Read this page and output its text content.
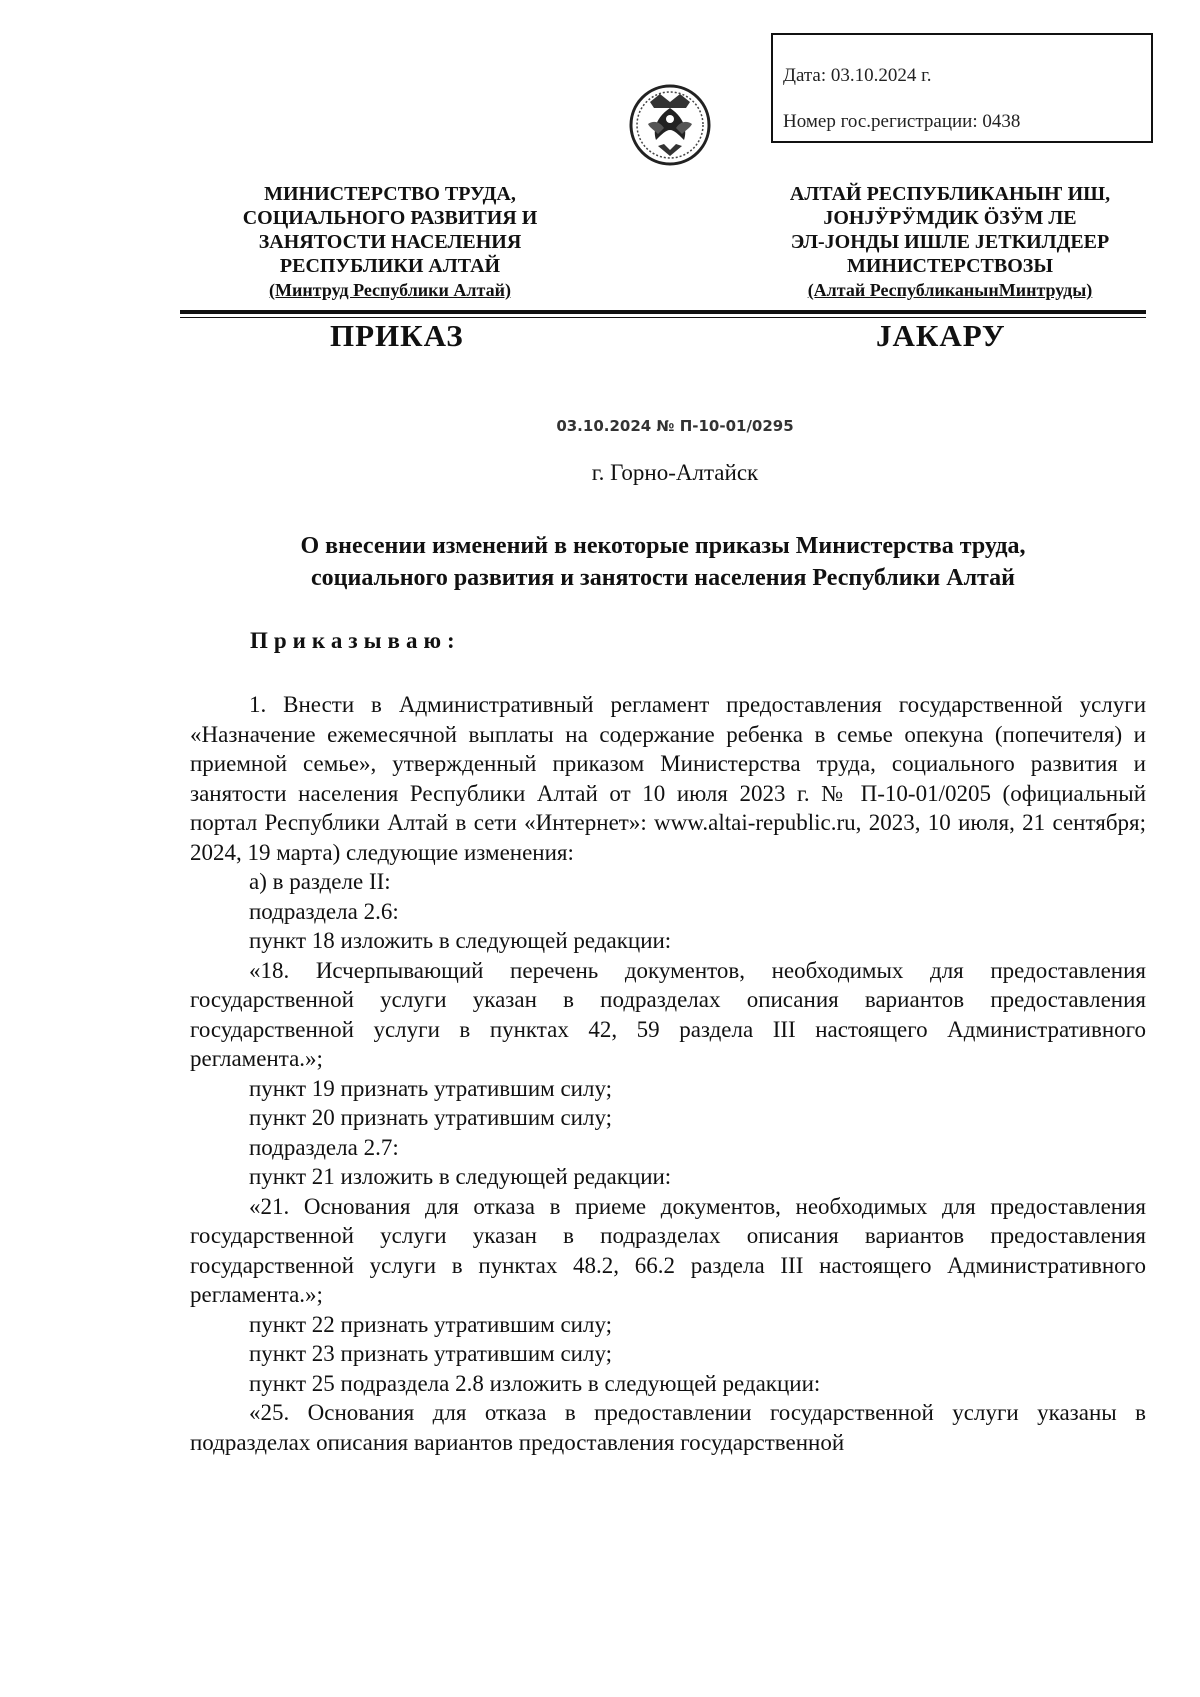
Дата: 03.10.2024 г.
Номер гос.регистрации: 0438
МИНИСТЕРСТВО ТРУДА,
СОЦИАЛЬНОГО РАЗВИТИЯ И
ЗАНЯТОСТИ НАСЕЛЕНИЯ
РЕСПУБЛИКИ АЛТАЙ
(Минтруд Республики Алтай)
АЛТАЙ РЕСПУБЛИКАНЫҤ ИШ,
JОНJӰРӰМДИК ÖЗӰМ ЛЕ
ЭЛ-JОНДЫ ИШЛЕ JЕТКИЛДЕЕР
МИНИСТЕРСТВОЗЫ
(Алтай РеспубликанынМинтруды)
ПРИКАЗ	JАКАРУ
03.10.2024 № П-10-01/0295
г. Горно-Алтайск
О внесении изменений в некоторые приказы Министерства труда,
социального развития и занятости населения Республики Алтай
Приказываю:
1. Внести в Административный регламент предоставления государственной услуги «Назначение ежемесячной выплаты на содержание ребенка в семье опекуна (попечителя) и приемной семье», утвержденный приказом Министерства труда, социального развития и занятости населения Республики Алтай от 10 июля 2023 г. № П-10-01/0205 (официальный портал Республики Алтай в сети «Интернет»: www.altai-republic.ru, 2023, 10 июля, 21 сентября; 2024, 19 марта) следующие изменения:
а) в разделе II:
подраздела 2.6:
пункт 18 изложить в следующей редакции:
«18. Исчерпывающий перечень документов, необходимых для предоставления государственной услуги указан в подразделах описания вариантов предоставления государственной услуги в пунктах 42, 59 раздела III настоящего Административного регламента.»;
пункт 19 признать утратившим силу;
пункт 20 признать утратившим силу;
подраздела 2.7:
пункт 21 изложить в следующей редакции:
«21. Основания для отказа в приеме документов, необходимых для предоставления государственной услуги указан в подразделах описания вариантов предоставления государственной услуги в пунктах 48.2, 66.2 раздела III настоящего Административного регламента.»;
пункт 22 признать утратившим силу;
пункт 23 признать утратившим силу;
пункт 25 подраздела 2.8 изложить в следующей редакции:
«25. Основания для отказа в предоставлении государственной услуги указаны в подразделах описания вариантов предоставления государственной
